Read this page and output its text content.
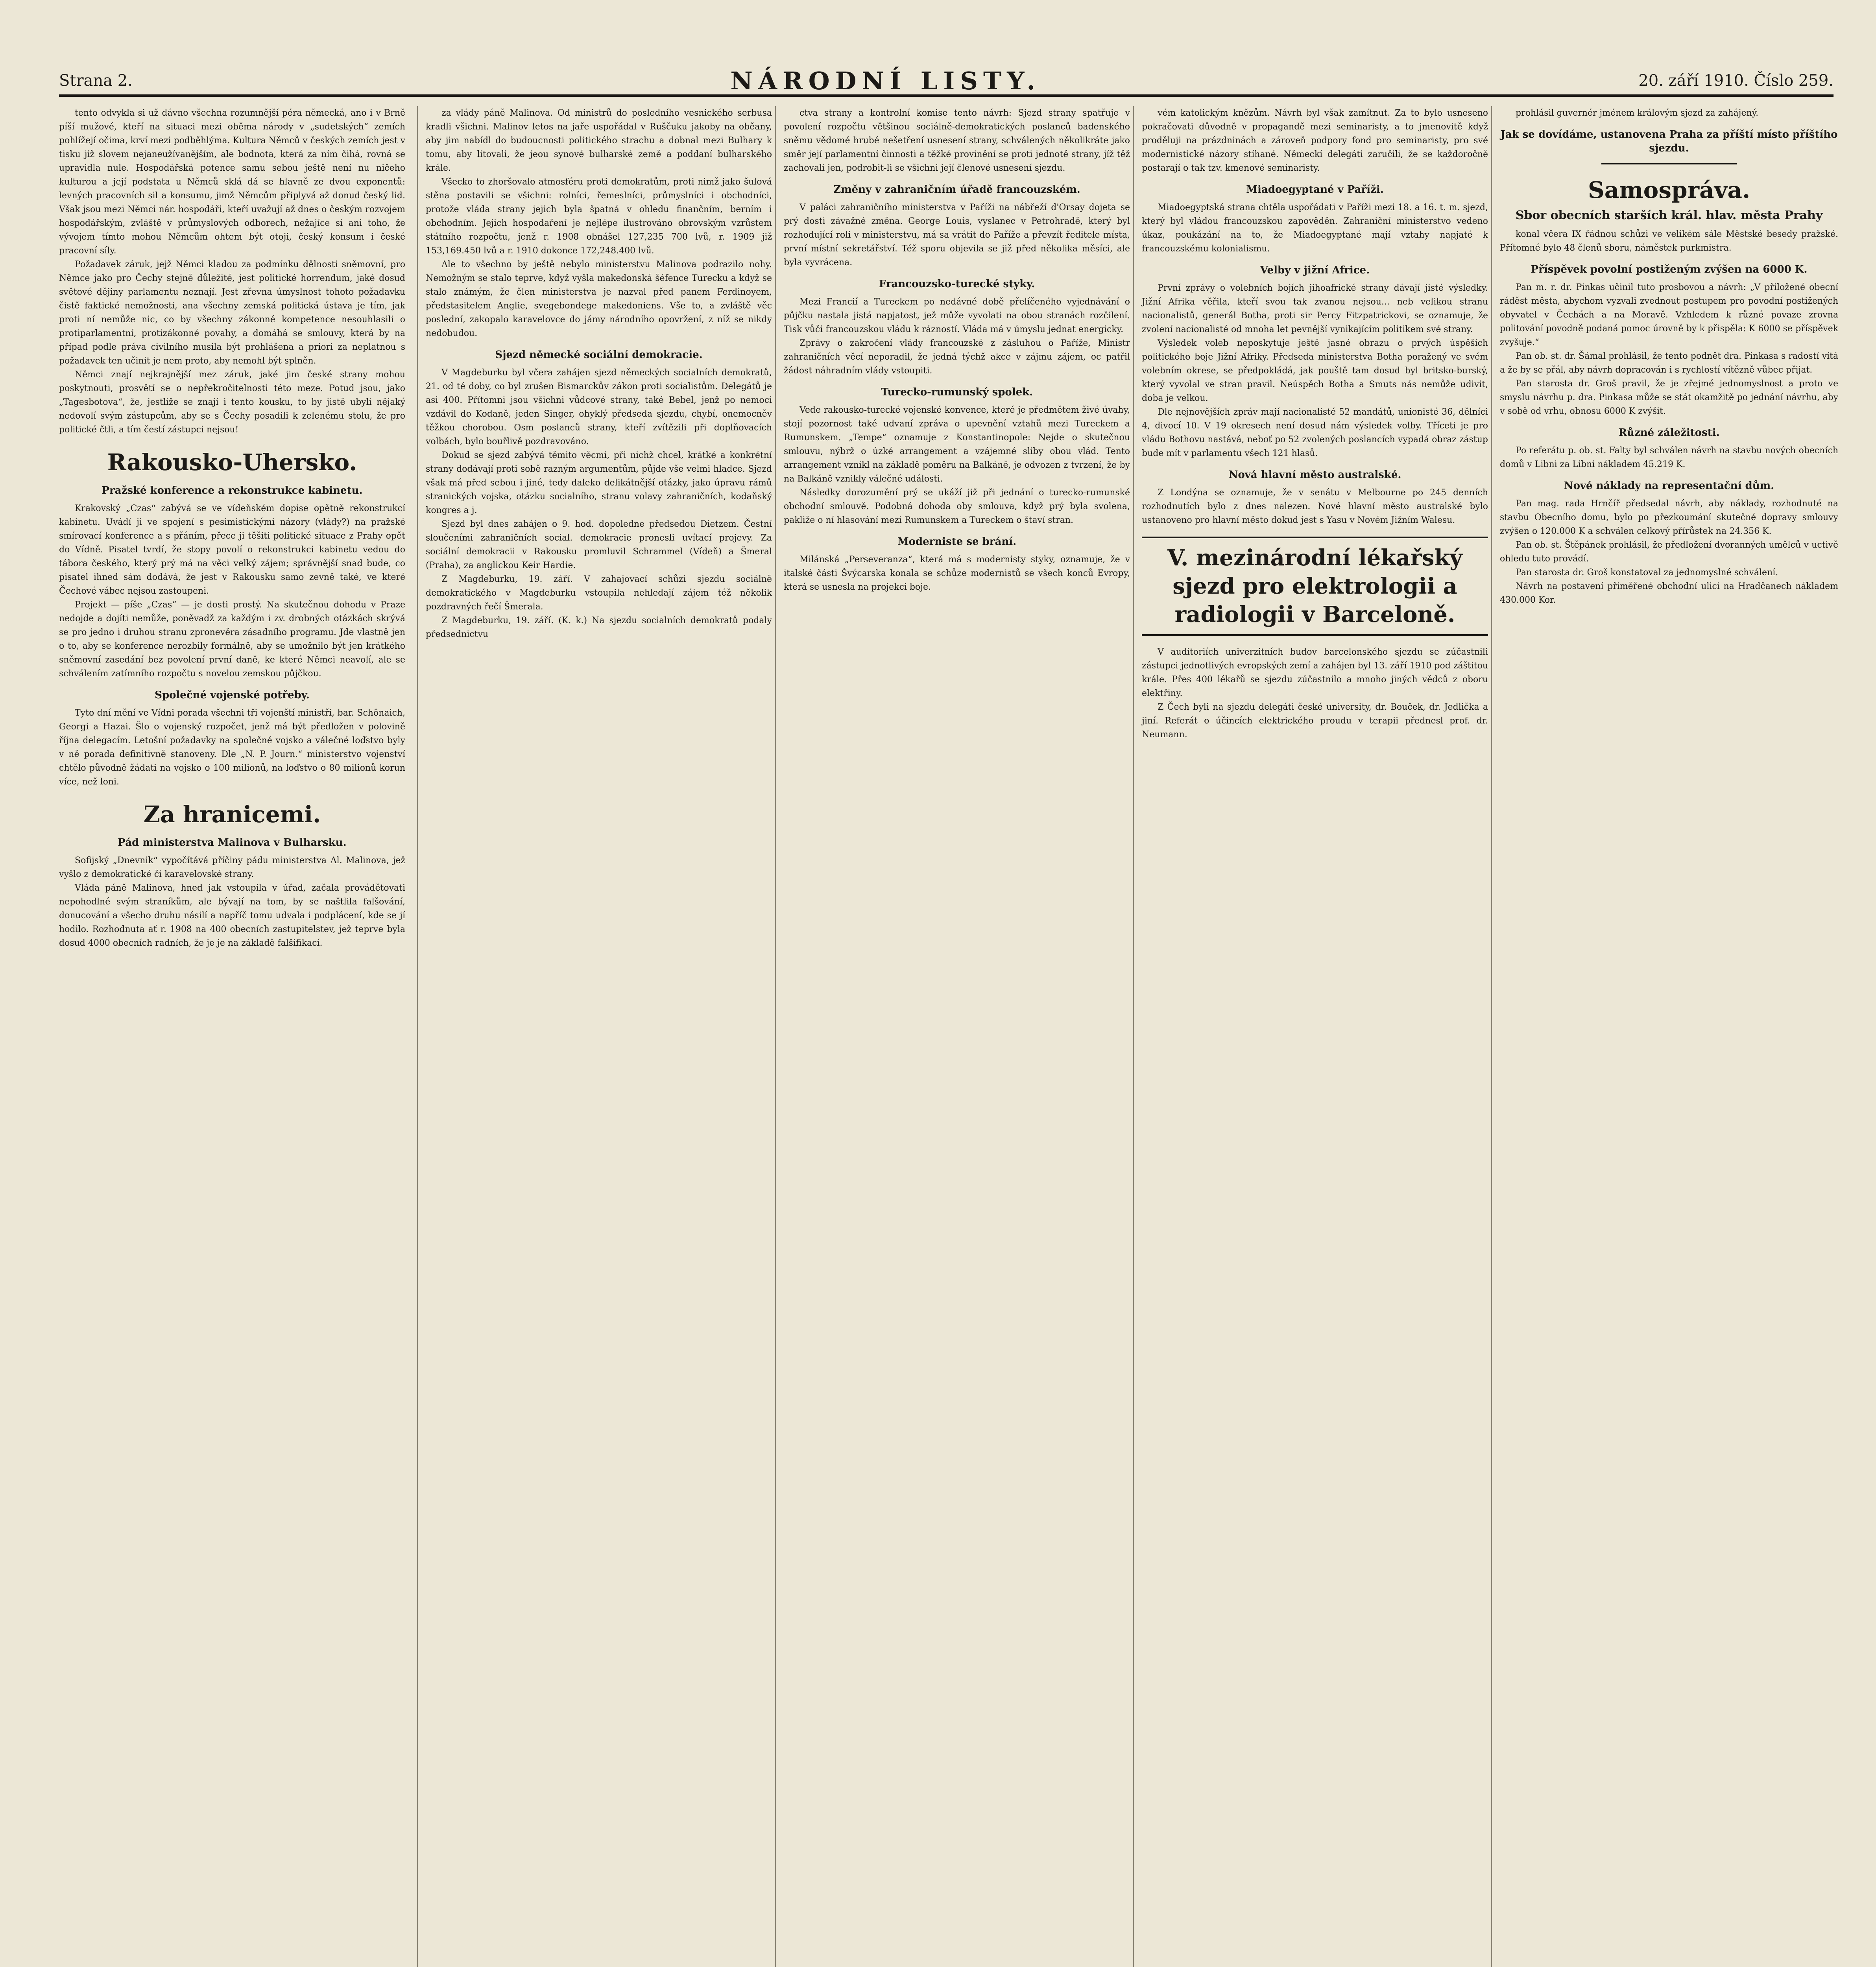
Strana 2.	NÁRODNÍ LISTY.	20. září 1910. Číslo 259.

tento odvykla si už dávno všechna rozumnější péra německá, ano i v Brně píší mužové, kteří na situaci mezi oběma národy v „sudetských“ zemích pohlížejí očima, krví mezi podběhlýma. Kultura Němců v českých zemích jest v tisku již slovem nejaneužívanějším, ale bodnota, která za ním čihá, rovná se upravidla nule. Hospodářská potence samu sebou ještě není nu ničeho kulturou a její podstata u Němců sklá dá se hlavně ze dvou exponentů: levných pracovních sil a konsumu, jimž Němcům připlyvá až donud český lid. Však jsou mezi Němci nár. hospodáři, kteří uvažují až dnes o českým rozvojem hospodářským, zvláště v průmyslových odborech, nežajíce si ani toho, že vývojem tímto mohou Němcům ohtem být otoji, český konsum i české pracovní síly.

Požadavek záruk, jejž Němci kladou za podmínku dělnosti sněmovní, pro Němce jako pro Čechy stejně důležité, jest politické horrendum, jaké dosud světové dějiny parlamentu neznají. Jest zřevna úmyslnost tohoto požadavku čistě faktické nemožnosti, ana všechny zemská politická ústava je tím, jak proti ní nemůže nic, co by všechny zákonné kompetence nesouhlasili o protiparlamentní, protizákonné povahy, a domáhá se smlouvy, která by na případ podle práva civilního musila být prohlášena a priori za neplatnou s požadavek ten učinit je nem proto, aby nemohl být splněn.

Němci znají nejkrajnější mez záruk, jaké jim české strany mohou poskytnouti, prosvětí se o nepřekročitelnosti této meze. Potud jsou, jako „Tagesbotova“, že, jestliže se znají i tento kousku, to by jistě ubyli nějaký nedovolí svým zástupcům, aby se s Čechy posadili k zelenému stolu, že pro politické čtli, a tím čestí zástupci nejsou!

Rakousko-Uhersko.
Pražské konference a rekonstrukce kabinetu.

Krakovský „Czas“ zabývá se ve vídeňském dopise opětně rekonstrukcí kabinetu. Uvádí ji ve spojení s pesimistickými názory (vlády?) na pražské smírovací konference a s přáním, přece ji těšiti politické situace z Prahy opět do Vídně. Pisatel tvrdí, že stopy povolí o rekonstrukci kabinetu vedou do tábora českého, který prý má na věci velký zájem; správnější snad bude, co pisatel ihned sám dodává, že jest v Rakousku samo zevně také, ve které Čechové vábec nejsou zastoupeni.

Projekt — píše „Czas“ — je dosti prostý. Na skutečnou dohodu v Praze nedojde a dojíti nemůže, poněvadž za každým i zv. drobných otázkách skrývá se pro jedno i druhou stranu zpronevěra zásadního programu. Jde vlastně jen o to, aby se konference nerozbily formálně, aby se umožnilo být jen krátkého sněmovní zasedání bez povolení první daně, ke které Němci neavolí, ale se schválením zatímního rozpočtu s novelou zemskou půjčkou.

Společné vojenské potřeby.

Tyto dní mění ve Vídni porada všechni tři vojenští ministři, bar. Schönaich, Georgi a Hazai. Šlo o vojenský rozpočet, jenž má být předložen v polovině října delegacím. Letošní požadavky na společné vojsko a válečné loďstvo byly v ně porada definitivně stanoveny. Dle „N. P. Journ.“ ministerstvo vojenství chtělo původně žádati na vojsko o 100 milionů, na loďstvo o 80 milionů korun více, než loni.

Za hranicemi.
Pád ministerstva Malinova v Bulharsku.

Sofijský „Dnevnik“ vypočítává příčiny pádu ministerstva Al. Malinova, jež vyšlo z demokratické či karavelovské strany.

Vláda páně Malinova, hned jak vstoupila v úřad, začala provádětovati nepohodlné svým straníkům, ale bývají na tom, by se naštlila falšování, donucování a všecho druhu násilí a napříč tomu udvala i podplácení, kde se jí hodilo. Rozhodnuta ať r. 1908 na 400 obecních zastupitelstev, jež teprve byla dosud 4000 obecních radních, že je je na základě falšifikací.

za vlády páně Malinova. Od ministrů do posledního vesnického serbusa kradli všichni. Malinov letos na jaře uspořádal v Ruščuku jakoby na oběany, aby jim nabídl do budoucnosti politického strachu a dobnal mezi Bulhary k tomu, aby litovali, že jeou synové bulharské země a poddaní bulharského krále.

Všecko to zhoršovalo atmosféru proti demokratům, proti nimž jako šulová stěna postavili se všichni: rolníci, řemeslníci, průmyslníci i obchodníci, protože vláda strany jejich byla špatná v ohledu finančním, berním i obchodním. Jejich hospodaření je nejlépe ilustrováno obrovským vzrůstem státního rozpočtu, jenž r. 1908 obnášel 127,235 700 lvů, r. 1909 již 153,169.450 lvů a r. 1910 dokonce 172,248.400 lvů.

Ale to všechno by ještě nebylo ministerstvu Malinova podrazilo nohy. Nemožným se stalo teprve, když vyšla makedonská šéfence Turecku a když se stalo známým, že člen ministerstva je nazval před panem Ferdinoyem, předstasitelem Anglie, svegebondege makedoniens. Vše to, a zvláště věc poslední, zakopalo karavelovce do jámy národního opovržení, z níž se nikdy nedobudou.

Sjezd německé sociální demokracie.

V Magdeburku byl včera zahájen sjezd německých socialních demokratů, 21. od té doby, co byl zrušen Bismarckův zákon proti socialistům. Delegátů je asi 400. Přítomni jsou všichni vůdcové strany, také Bebel, jenž po nemoci vzdávil do Kodaně, jeden Singer, ohyklý předseda sjezdu, chybí, onemocněv těžkou chorobou. Osm poslanců strany, kteří zvítězili při doplňovacích volbách, bylo bouřlivě pozdravováno.

Dokud se sjezd zabývá těmito věcmi, při nichž chcel, krátké a konkrétní strany dodávají proti sobě razným argumentům, půjde vše velmi hladce. Sjezd však má před sebou i jiné, tedy daleko delikátnější otázky, jako úpravu rámů stranických vojska, otázku socialního, stranu volavy zahraničních, kodaňský kongres a j.

Sjezd byl dnes zahájen o 9. hod. dopoledne předsedou Dietzem. Čestní sloučeními zahraničních social. demokracie pronesli uvítací projevy. Za sociální demokracii v Rakousku promluvil Schrammel (Vídeň) a Šmeral (Praha), za anglickou Keir Hardie.

Z Magdeburku, 19. září. V zahajovací schůzi sjezdu sociálně demokratického v Magdeburku vstoupila nehledají zájem též několik pozdravných řečí Šmerala.

Z Magdeburku, 19. září. (K. k.) Na sjezdu socialních demokratů podaly předsednictvu

ctva strany a kontrolní komise tento návrh: Sjezd strany spatřuje v povolení rozpočtu většinou sociálně-demokratických poslanců badenského sněmu vědomé hrubé nešetření usnesení strany, schválených několikráte jako směr její parlamentní činnosti a těžké provinění se proti jednotě strany, jíž těž zachovali jen, podrobit-li se všichni její členové usnesení sjezdu.

Změny v zahraničním úřadě francouzském.

V paláci zahraničního ministerstva v Paříži na nábřeží d'Orsay dojeta se prý dosti závažné změna. George Louis, vyslanec v Petrohradě, který byl rozhodující roli v ministerstvu, má sa vrátit do Paříže a převzít ředitele místa, první místní sekretářství. Též sporu objevila se již před několika měsíci, ale byla vyvrácena.

Francouzsko-turecké styky.

Mezi Francií a Tureckem po nedávné době přelíčeného vyjednávání o půjčku nastala jistá napjatost, jež může vyvolati na obou stranách rozčilení. Tisk vůči francouzskou vládu k rázností. Vláda má v úmyslu jednat energicky.

Zprávy o zakročení vlády francouzské z zásluhou o Paříže, Ministr zahraničních věcí neporadil, že jedná týchž akce v zájmu zájem, oc patřil žádost náhradním vlády vstoupiti.

Turecko-rumunský spolek.

Vede rakousko-turecké vojenské konvence, které je předmětem živé úvahy, stojí pozornost také udvaní zpráva o upevnění vztahů mezi Tureckem a Rumunskem. „Tempe“ oznamuje z Konstantinopole: Nejde o skutečnou smlouvu, nýbrž o úzké arrangement a vzájemné sliby obou vlád. Tento arrangement vznikl na základě poměru na Balkáně, je odvozen z tvrzení, že by na Balkáně vznikly válečné události.

Následky dorozumění prý se ukáží již při jednání o turecko-rumunské obchodní smlouvě. Podobná dohoda oby smlouva, když prý byla svolena, pakliže o ní hlasování mezi Rumunskem a Tureckem o štaví stran.

Moderniste se brání.

Milánská „Perseveranza“, která má s modernisty styky, oznamuje, že v italské části Švýcarska konala se schůze modernistů se všech konců Evropy, která se usnesla na projekci boje.

vém katolickým knězům. Návrh byl však zamítnut. Za to bylo usneseno pokračovati důvodně v propagandě mezi seminaristy, a to jmenovitě když proděluji na prázdninách a zároveň podpory fond pro seminaristy, pro své modernistické názory stíhané. Německí delegáti zaručili, že se každoročně postarají o tak tzv. kmenové seminaristy.

Miadoegyptané v Paříži.

Miadoegyptská strana chtěla uspořádati v Paříži mezi 18. a 16. t. m. sjezd, který byl vládou francouzskou zapověděn. Zahraniční ministerstvo vedeno úkaz, poukázání na to, že Miadoegyptané mají vztahy napjaté k francouzskému kolonialismu.

Velby v jižní Africe.

První zprávy o volebních bojích jihoafrické strany dávají jisté výsledky. Jižní Afrika věřila, kteří svou tak zvanou nejsou... neb velikou stranu nacionalistů, generál Botha, proti sir Percy Fitzpatrickovi, se oznamuje, že zvolení nacionalisté od mnoha let pevnější vynikajícím politikem své strany.

Výsledek voleb neposkytuje ještě jasné obrazu o prvých úspěších politického boje Jižní Afriky. Předseda ministerstva Botha poražený ve svém volebním okrese, se předpokládá, jak pouště tam dosud byl britsko-burský, který vyvolal ve stran pravil. Neúspěch Botha a Smuts nás nemůže udivit, doba je velkou.

Dle nejnovějších zpráv mají nacionalisté 52 mandátů, unionisté 36, dělníci 4, divocí 10. V 19 okresech není dosud nám výsledek volby. Tříceti je pro vládu Bothovu nastává, neboť po 52 zvolených poslancích vypadá obraz zástup bude mít v parlamentu všech 121 hlasů.

Nová hlavní město australské.

Z Londýna se oznamuje, že v senátu v Melbourne po 245 denních rozhodnutích bylo z dnes nalezen. Nové hlavní město australské bylo ustanoveno pro hlavní město dokud jest s Yasu v Novém Jižním Walesu.

V. mezinárodní lékařský sjezd pro elektrologii a radiologii v Barceloně.

V auditoriích univerzitních budov barcelonského sjezdu se zúčastnili zástupci jednotlivých evropských zemí a zahájen byl 13. září 1910 pod záštitou krále. Přes 400 lékařů se sjezdu zúčastnilo a mnoho jiných vědců z oboru elektřiny.

Z Čech byli na sjezdu delegáti české university, dr. Bouček, dr. Jedlička a jiní. Referát o účincích elektrického proudu v terapii přednesl prof. dr. Neumann.

prohlásil guvernér jménem královým sjezd za zahájený.

Jak se dovídáme, ustanovena Praha za příští místo příštího sjezdu.
Samospráva.
Sbor obecních starších král. hlav. města Prahy

konal včera IX řádnou schůzi ve velikém sále Městské besedy pražské. Přítomné bylo 48 členů sboru, náměstek purkmistra.

Příspěvek povolní postiženým zvýšen na 6000 K.

Pan m. r. dr. Pinkas učinil tuto prosbovou a návrh: „V přiložené obecní ráděst města, abychom vyzvali zvednout postupem pro povodní postižených obyvatel v Čechách a na Moravě. Vzhledem k různé povaze zrovna politování povodně podaná pomoc úrovně by k přispěla: K 6000 se příspěvek zvyšuje.“

Pan ob. st. dr. Šámal prohlásil, že tento podnět dra. Pinkasa s radostí vítá a že by se přál, aby návrh dopracován i s rychlostí vítězně vůbec přijat.

Pan starosta dr. Groš pravil, že je zřejmé jednomyslnost a proto ve smyslu návrhu p. dra. Pinkasa může se stát okamžitě po jednání návrhu, aby v sobě od vrhu, obnosu 6000 K zvýšit.

Různé záležitosti.

Po referátu p. ob. st. Falty byl schválen návrh na stavbu nových obecních domů v Libni za Libni nákladem 45.219 K.

Nové náklady na representační dům.

Pan mag. rada Hrnčíř předsedal návrh, aby náklady, rozhodnuté na stavbu Obecního domu, bylo po přezkoumání skutečné dopravy smlouvy zvýšen o 120.000 K a schválen celkový přírůstek na 24.356 K.

Pan ob. st. Štěpánek prohlásil, že předložení dvoranných umělců v uctivě ohledu tuto provádí.

Pan starosta dr. Groš konstatoval za jednomyslné schválení.

Návrh na postavení přiměřené obchodní ulici na Hradčanech nákladem 430.000 Kor.
